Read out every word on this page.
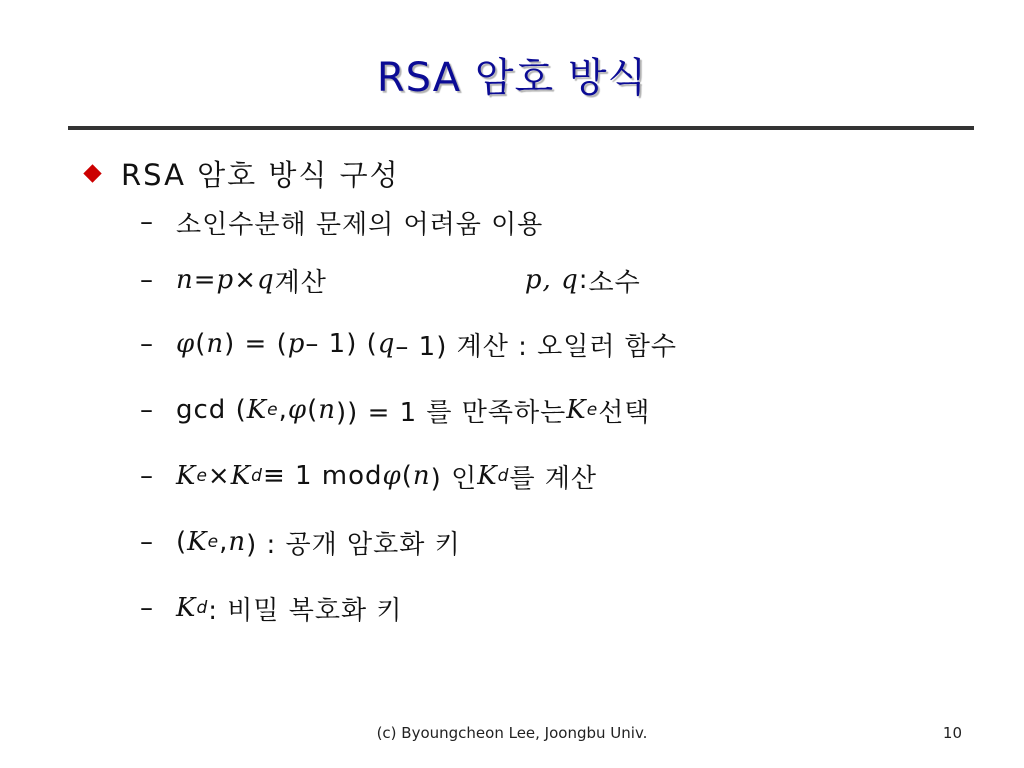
RSA 암호 방식
RSA 암호 방식 구성
– 소인수분해 문제의 어려움 이용
– n = p × q 계산	p, q : 소수
– φ ( n ) = ( p – 1) ( q – 1) 계산 : 오일러 함수
– gcd ( K e , φ ( n )) = 1 를 만족하는 K e 선택
– K e × K d ≡ 1 mod φ ( n ) 인 K d 를 계산
– ( K e , n ) : 공개 암호화 키
– K d : 비밀 복호화 키
(c) Byoungcheon Lee, Joongbu Univ.	10
